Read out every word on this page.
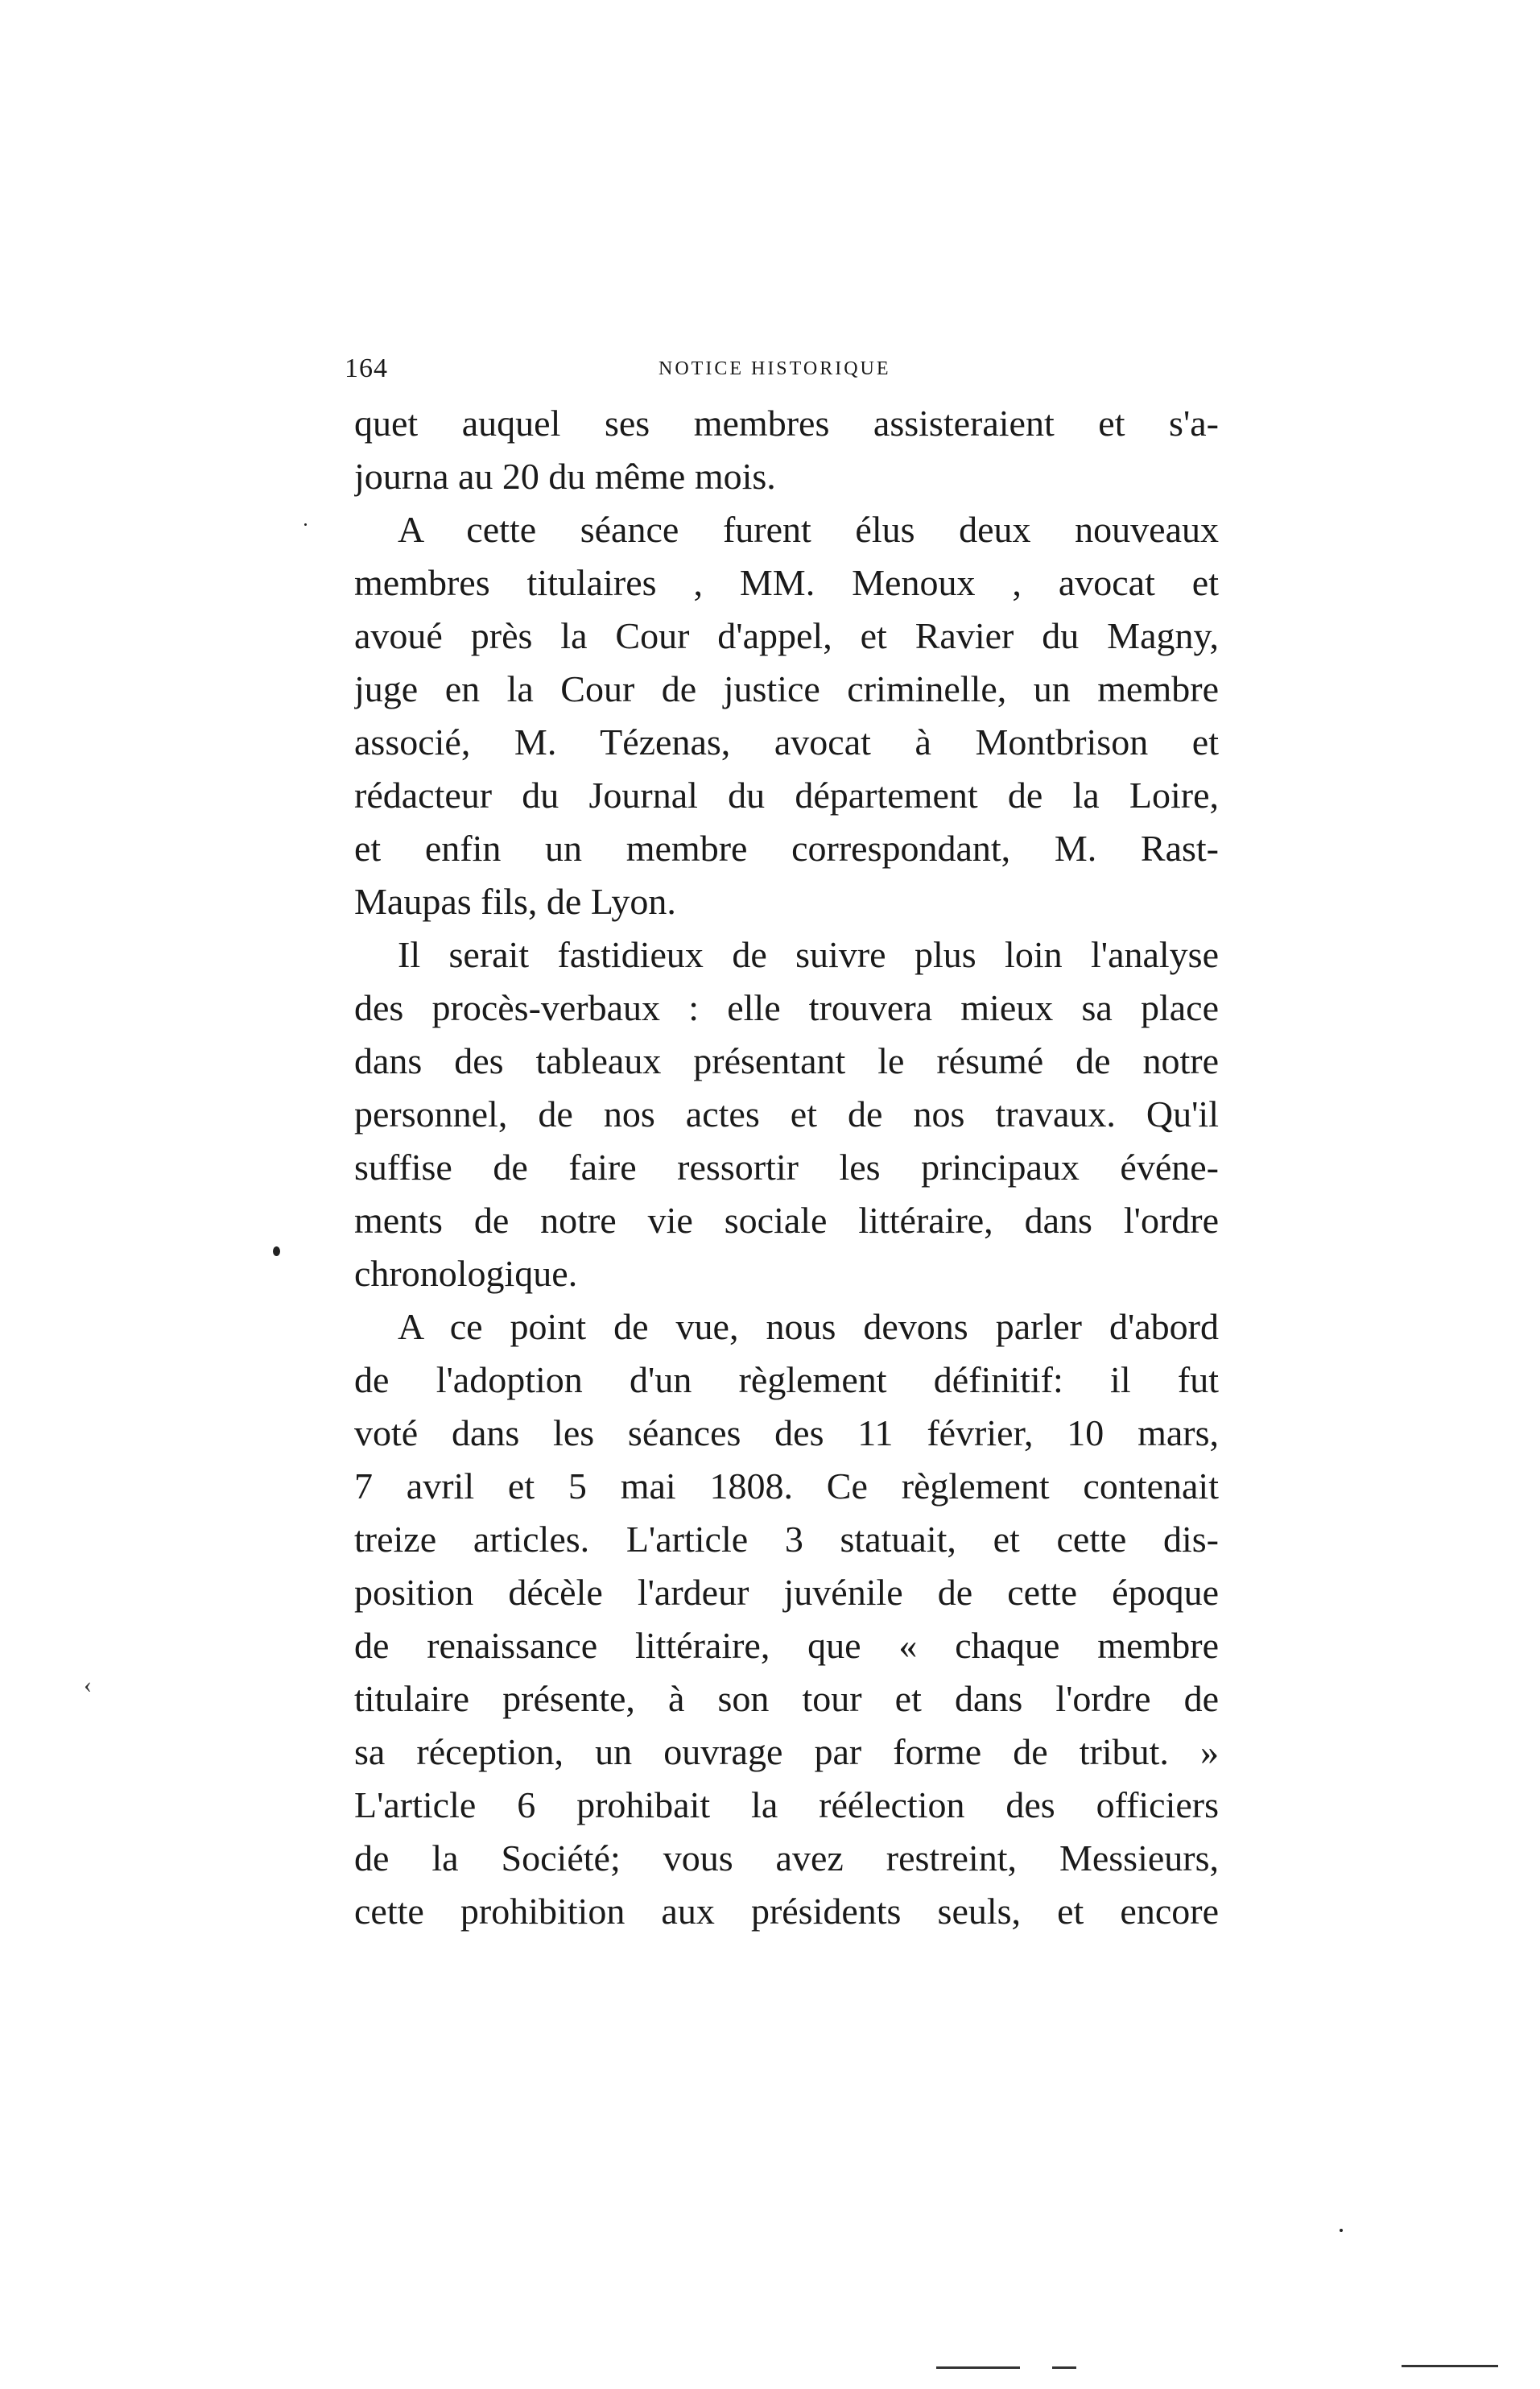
164	NOTICE HISTORIQUE
quet auquel ses membres assisteraient et s'a-
journa au 20 du même mois.
A cette séance furent élus deux nouveaux
membres titulaires , MM. Menoux , avocat et
avoué près la Cour d'appel, et Ravier du Magny,
juge en la Cour de justice criminelle, un membre
associé, M. Tézenas, avocat à Montbrison et
rédacteur du Journal du département de la Loire,
et enfin un membre correspondant, M. Rast-
Maupas fils, de Lyon.
Il serait fastidieux de suivre plus loin l'analyse
des procès-verbaux : elle trouvera mieux sa place
dans des tableaux présentant le résumé de notre
personnel, de nos actes et de nos travaux. Qu'il
suffise de faire ressortir les principaux événe-
ments de notre vie sociale littéraire, dans l'ordre
chronologique.
A ce point de vue, nous devons parler d'abord
de l'adoption d'un règlement définitif: il fut
voté dans les séances des 11 février, 10 mars,
7 avril et 5 mai 1808. Ce règlement contenait
treize articles. L'article 3 statuait, et cette dis-
position décèle l'ardeur juvénile de cette époque
de renaissance littéraire, que « chaque membre
titulaire présente, à son tour et dans l'ordre de
sa réception, un ouvrage par forme de tribut. »
L'article 6 prohibait la réélection des officiers
de la Société; vous avez restreint, Messieurs,
cette prohibition aux présidents seuls, et encore
‹
